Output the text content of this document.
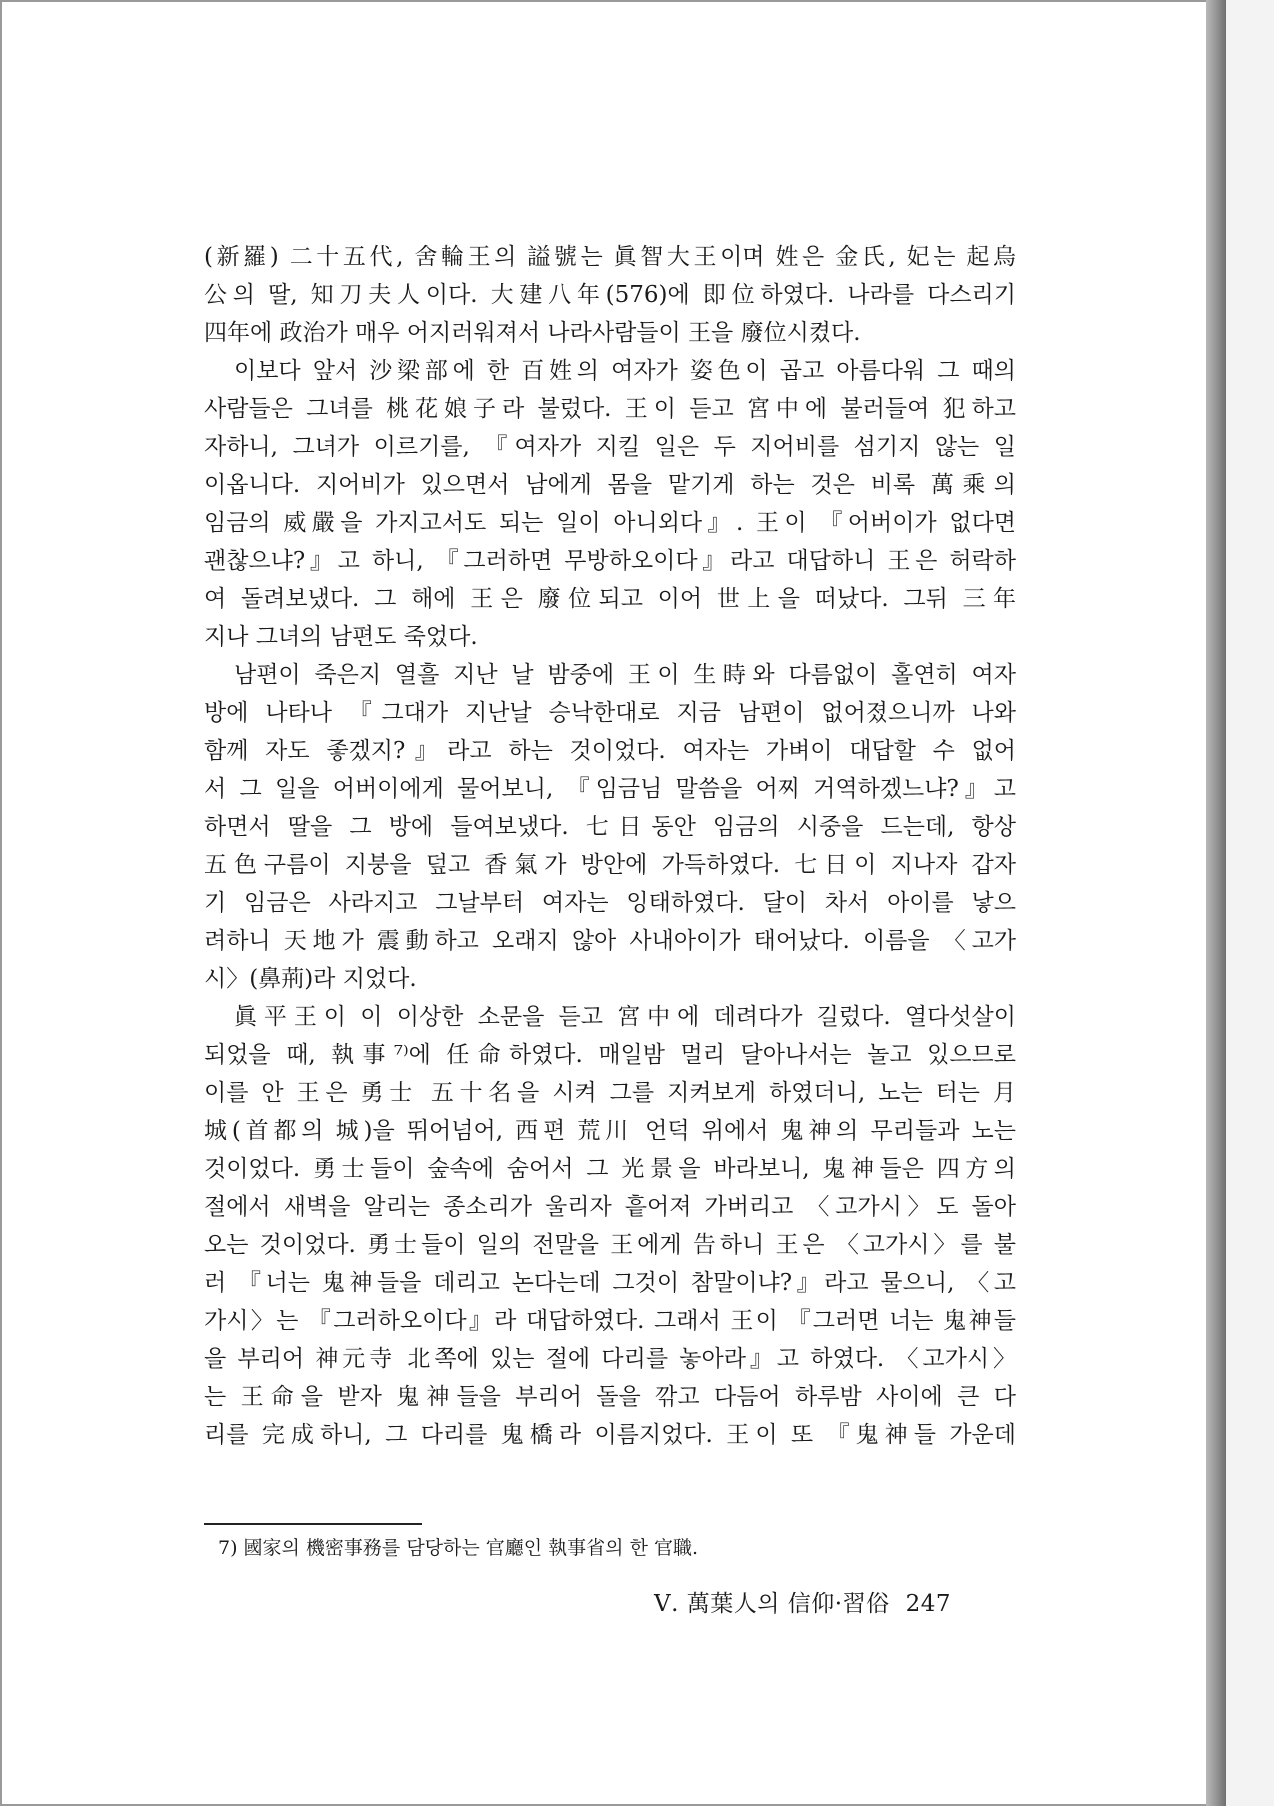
(新羅) 二十五代, 舍輪王의 謚號는 眞智大王이며 姓은 金氏, 妃는 起烏
公의 딸, 知刀夫人이다. 大建八年(576)에 即位하였다. 나라를 다스리기
四年에 政治가 매우 어지러워져서 나라사람들이 王을 廢位시켰다.
이보다 앞서 沙梁部에 한 百姓의 여자가 姿色이 곱고 아름다워 그 때의
사람들은 그녀를 桃花娘子라 불렀다. 王이 듣고 宮中에 불러들여 犯하고
자하니, 그녀가 이르기를, 『여자가 지킬 일은 두 지어비를 섬기지 않는 일
이옵니다. 지어비가 있으면서 남에게 몸을 맡기게 하는 것은 비록 萬乘의
임금의 威嚴을 가지고서도 되는 일이 아니외다』. 王이 『어버이가 없다면
괜찮으냐?』고 하니, 『그러하면 무방하오이다』라고 대답하니 王은 허락하
여 돌려보냈다. 그 해에 王은 廢位되고 이어 世上을 떠났다. 그뒤 三年
지나 그녀의 남편도 죽었다.
남편이 죽은지 열흘 지난 날 밤중에 王이 生時와 다름없이 홀연히 여자
방에 나타나 『그대가 지난날 승낙한대로 지금 남편이 없어졌으니까 나와
함께 자도 좋겠지?』라고 하는 것이었다. 여자는 가벼이 대답할 수 없어
서 그 일을 어버이에게 물어보니, 『임금님 말씀을 어찌 거역하겠느냐?』고
하면서 딸을 그 방에 들여보냈다. 七日동안 임금의 시중을 드는데, 항상
五色구름이 지붕을 덮고 香氣가 방안에 가득하였다. 七日이 지나자 갑자
기 임금은 사라지고 그날부터 여자는 잉태하였다. 달이 차서 아이를 낳으
려하니 天地가 震動하고 오래지 않아 사내아이가 태어났다. 이름을 〈고가
시〉(鼻荊)라 지었다.
眞平王이 이 이상한 소문을 듣고 宮中에 데려다가 길렀다. 열다섯살이
되었을 때, 執事⁷⁾에 任命하였다. 매일밤 멀리 달아나서는 놀고 있으므로
이를 안 王은 勇士 五十名을 시켜 그를 지켜보게 하였더니, 노는 터는 月
城(首都의 城)을 뛰어넘어, 西편 荒川 언덕 위에서 鬼神의 무리들과 노는
것이었다. 勇士들이 숲속에 숨어서 그 光景을 바라보니, 鬼神들은 四方의
절에서 새벽을 알리는 종소리가 울리자 흩어져 가버리고 〈고가시〉도 돌아
오는 것이었다. 勇士들이 일의 전말을 王에게 告하니 王은 〈고가시〉를 불
러 『너는 鬼神들을 데리고 논다는데 그것이 참말이냐?』라고 물으니, 〈고
가시〉는 『그러하오이다』라 대답하였다. 그래서 王이 『그러면 너는 鬼神들
을 부리어 神元寺 北쪽에 있는 절에 다리를 놓아라』고 하였다. 〈고가시〉
는 王命을 받자 鬼神들을 부리어 돌을 깎고 다듬어 하루밤 사이에 큰 다
리를 完成하니, 그 다리를 鬼橋라 이름지었다. 王이 또 『鬼神들 가운데
7) 國家의 機密事務를 담당하는 官廳인 執事省의 한 官職.
Ⅴ. 萬葉人의 信仰·習俗 247
